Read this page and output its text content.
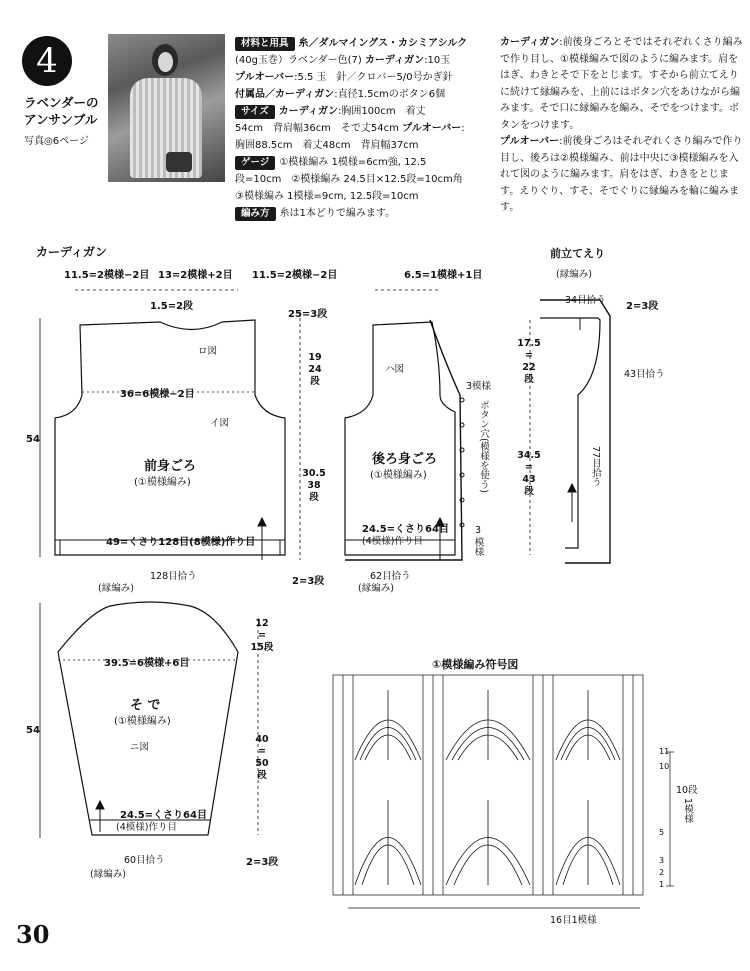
4
ラベンダーの
アンサンブル
写真◎6ページ
材料と用具 糸／ダルマイングス・カシミアシルク
(40g玉巻）ラベンダー色(7) カーディガン:10玉
プルオーバー:5.5 玉　針／クロバー5/0号かぎ針
付属品／カーディガン:直径1.5cmのボタン6個
サイズ カーディガン:胸囲100cm　着丈
54cm　背肩幅36cm　そで丈54cm プルオーバー:
胸囲88.5cm　着丈48cm　背肩幅37cm
ゲージ ①模様編み 1模様=6cm強, 12.5
段=10cm　②模様編み 24.5目×12.5段=10cm角
③模様編み 1模様=9cm, 12.5段=10cm
編み方 糸は1本どりで編みます。
カーディガン:前後身ごろとそではそれぞれくさり編みで作り目し、①模様編みで図のように編みます。肩をはぎ、わきとそで下をとじます。すそから前立てえりに続けて縁編みを、上前にはボタン穴をあけながら編みます。そで口に縁編みを編み、そでをつけます。ボタンをつけます。
プルオーバー:前後身ごろはそれぞれくさり編みで作り目し、後ろは②模様編み、前は中央に③模様編みを入れて図のように編みます。肩をはぎ、わきをとじます。えりぐり、すそ、そでぐりに縁編みを輪に編みます。
カーディガン
11.5=2模様−2目 13=2模様+2目 11.5=2模様−2目	6.5=1模様+1目
1.5=2段
ロ図
36=6模様−2目
イ図
54
前身ごろ
(①模様編み)
49=くさり128目(8模様)作り目
128目拾う
(縁編み)
25=3段
19
24
段
ハ図
後ろ身ごろ
(①模様編み)
30.5
38
段
24.5=くさり64目
(4模様)作り目
62目拾う
(縁編み)
2=3段
3模様
ボタン穴(模様を使う)
3
模様
前立てえり
(縁編み)
34目拾う
2=3段
17.5
=
22
段	43目拾う
34.5
=
43
段
77目拾う
39.5=6模様+6目
54
12
=
15段
そ で
(①模様編み)
ニ図
40
=
50
段
24.5=くさり64目
(4模様)作り目
60目拾う
(縁編み)
2=3段
①模様編み符号図
11
10
5
3
2
1
10段
1模様
16目1模様
30
